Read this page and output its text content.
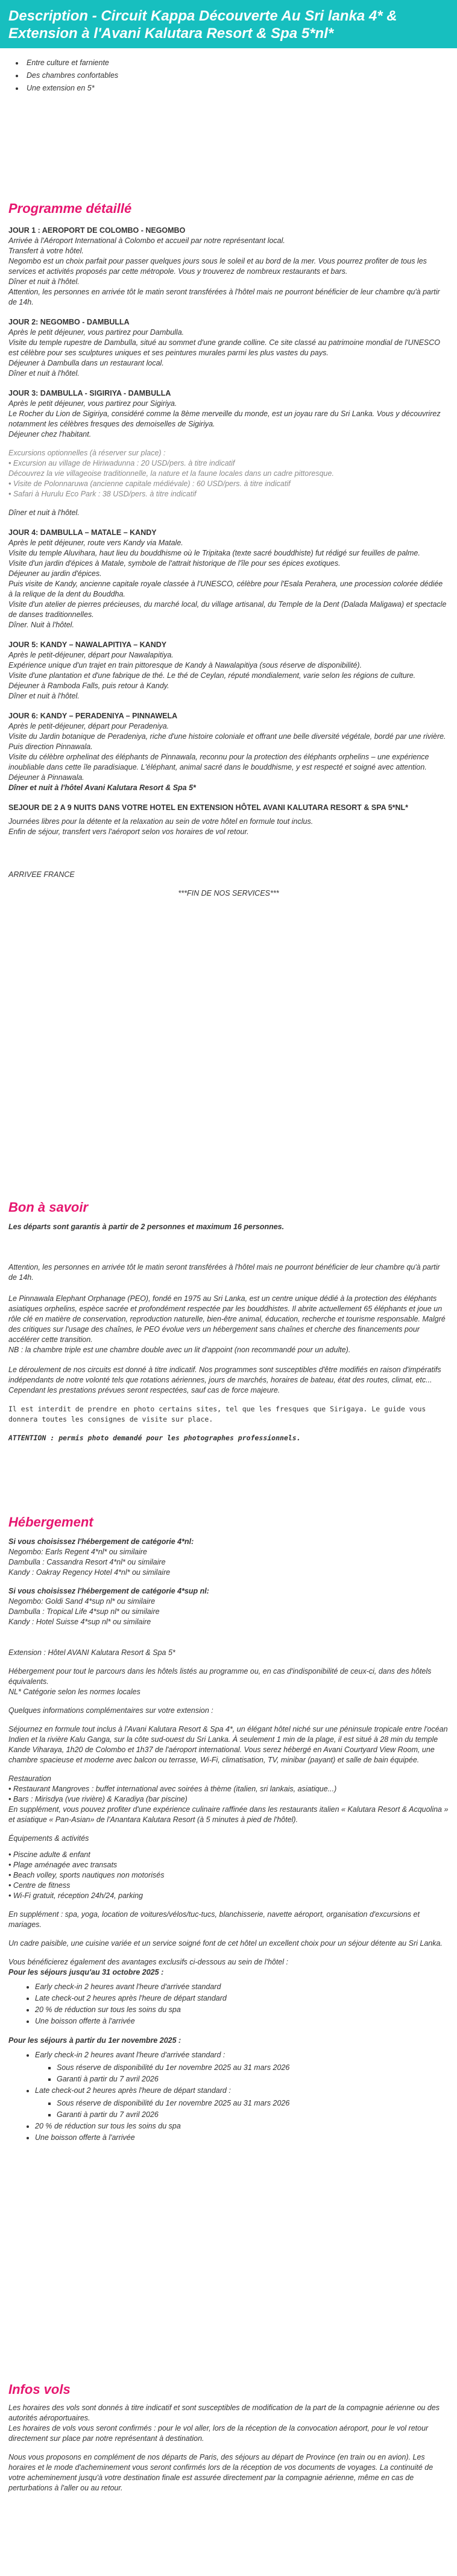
Description - Circuit Kappa Découverte Au Sri lanka 4* & Extension à l'Avani Kalutara Resort & Spa 5*nl*
• Entre culture et farniente
• Des chambres confortables
• Une extension en 5*
Programme détaillé
JOUR 1 : AEROPORT DE COLOMBO - NEGOMBO
Arrivée à l'Aéroport International à Colombo et accueil par notre représentant local.
Transfert à votre hôtel.
Negombo est un choix parfait pour passer quelques jours sous le soleil et au bord de la mer. Vous pourrez profiter de tous les services et activités proposés par cette métropole. Vous y trouverez de nombreux restaurants et bars.
Dîner et nuit à l'hôtel.
Attention, les personnes en arrivée tôt le matin seront transférées à l'hôtel mais ne pourront bénéficier de leur chambre qu'à partir de 14h.
JOUR 2: NEGOMBO - DAMBULLA
Après le petit déjeuner, vous partirez pour Dambulla.
Visite du temple rupestre de Dambulla, situé au sommet d'une grande colline. Ce site classé au patrimoine mondial de l'UNESCO est célèbre pour ses sculptures uniques et ses peintures murales parmi les plus vastes du pays.
Déjeuner à Dambulla dans un restaurant local.
Dîner et nuit à l'hôtel.
JOUR 3: DAMBULLA - SIGIRIYA - DAMBULLA
Après le petit déjeuner, vous partirez pour Sigiriya.
Le Rocher du Lion de Sigiriya, considéré comme la 8ème merveille du monde, est un joyau rare du Sri Lanka. Vous y découvrirez notamment les célèbres fresques des demoiselles de Sigiriya.
Déjeuner chez l'habitant.
Excursions optionnelles (à réserver sur place) :
• Excursion au village de Hiriwadunna : 20 USD/pers. à titre indicatif
Découvrez la vie villageoise traditionnelle, la nature et la faune locales dans un cadre pittoresque.
• Visite de Polonnaruwa (ancienne capitale médiévale) : 60 USD/pers. à titre indicatif
• Safari à Hurulu Eco Park : 38 USD/pers. à titre indicatif
Dîner et nuit à l'hôtel.
JOUR 4: DAMBULLA – MATALE – KANDY
Après le petit déjeuner, route vers Kandy via Matale.
Visite du temple Aluvihara, haut lieu du bouddhisme où le Tripitaka (texte sacré bouddhiste) fut rédigé sur feuilles de palme.
Visite d'un jardin d'épices à Matale, symbole de l'attrait historique de l'île pour ses épices exotiques.
Déjeuner au jardin d'épices.
Puis visite de Kandy, ancienne capitale royale classée à l'UNESCO, célèbre pour l'Esala Perahera, une procession colorée dédiée à la relique de la dent du Bouddha.
Visite d'un atelier de pierres précieuses, du marché local, du village artisanal, du Temple de la Dent (Dalada Maligawa) et spectacle de danses traditionnelles.
Dîner. Nuit à l'hôtel.
JOUR 5: KANDY – NAWALAPITIYA – KANDY
Après le petit-déjeuner, départ pour Nawalapitiya.
Expérience unique d'un trajet en train pittoresque de Kandy à Nawalapitiya (sous réserve de disponibilité).
Visite d'une plantation et d'une fabrique de thé. Le thé de Ceylan, réputé mondialement, varie selon les régions de culture.
Déjeuner à Ramboda Falls, puis retour à Kandy.
Dîner et nuit à l'hôtel.
JOUR 6: KANDY – PERADENIYA – PINNAWELA
Après le petit-déjeuner, départ pour Peradeniya.
Visite du Jardin botanique de Peradeniya, riche d'une histoire coloniale et offrant une belle diversité végétale, bordé par une rivière.
Puis direction Pinnawala.
Visite du célèbre orphelinat des éléphants de Pinnawala, reconnu pour la protection des éléphants orphelins – une expérience inoubliable dans cette île paradisiaque. L'éléphant, animal sacré dans le bouddhisme, y est respecté et soigné avec attention.
Déjeuner à Pinnawala.
Dîner et nuit à l'hôtel Avani Kalutara Resort & Spa 5*
SEJOUR DE 2 A 9 NUITS DANS VOTRE HOTEL EN EXTENSION HÔTEL AVANI KALUTARA RESORT & SPA 5*NL*
Journées libres pour la détente et la relaxation au sein de votre hôtel en formule tout inclus.
Enfin de séjour, transfert vers l'aéroport selon vos horaires de vol retour.
ARRIVEE FRANCE
***FIN DE NOS SERVICES***
Bon à savoir
Les départs sont garantis à partir de 2 personnes et maximum 16 personnes.
Attention, les personnes en arrivée tôt le matin seront transférées à l'hôtel mais ne pourront bénéficier de leur chambre qu'à partir de 14h.
Le Pinnawala Elephant Orphanage (PEO), fondé en 1975 au Sri Lanka, est un centre unique dédié à la protection des éléphants asiatiques orphelins, espèce sacrée et profondément respectée par les bouddhistes. Il abrite actuellement 65 éléphants et joue un rôle clé en matière de conservation, reproduction naturelle, bien-être animal, éducation, recherche et tourisme responsable. Malgré des critiques sur l'usage des chaînes, le PEO évolue vers un hébergement sans chaînes et cherche des financements pour accélérer cette transition.
NB : la chambre triple est une chambre double avec un lit d'appoint (non recommandé pour un adulte).
Le déroulement de nos circuits est donné à titre indicatif. Nos programmes sont susceptibles d'être modifiés en raison d'impératifs indépendants de notre volonté tels que rotations aériennes, jours de marchés, horaires de bateau, état des routes, climat, etc... Cependant les prestations prévues seront respectées, sauf cas de force majeure.
Il est interdit de prendre en photo certains sites, tel que les fresques que Sirigaya. Le guide vous donnera toutes les consignes de visite sur place.
ATTENTION : permis photo demandé pour les photographes professionnels.
Hébergement
Si vous choisissez l'hébergement de catégorie 4*nl:
Negombo: Earls Regent 4*nl* ou similaire
Dambulla : Cassandra Resort 4*nl* ou similaire
Kandy : Oakray Regency Hotel 4*nl* ou similaire
Si vous choisissez l'hébergement de catégorie 4*sup nl:
Negombo: Goldi Sand 4*sup nl* ou similaire
Dambulla : Tropical Life 4*sup nl* ou similaire
Kandy : Hotel Suisse 4*sup nl* ou similaire
Extension : Hôtel AVANI Kalutara Resort & Spa 5*
Hébergement pour tout le parcours dans les hôtels listés au programme ou, en cas d'indisponibilité de ceux-ci, dans des hôtels équivalents.
NL* Catégorie selon les normes locales
Quelques informations complémentaires sur votre extension :
Séjournez en formule tout inclus à l'Avani Kalutara Resort & Spa 4*, un élégant hôtel niché sur une péninsule tropicale entre l'océan Indien et la rivière Kalu Ganga, sur la côte sud-ouest du Sri Lanka. À seulement 1 min de la plage, il est situé à 28 min du temple Kande Viharaya, 1h20 de Colombo et 1h37 de l'aéroport international. Vous serez hébergé en Avani Courtyard View Room, une chambre spacieuse et moderne avec balcon ou terrasse, Wi-Fi, climatisation, TV, minibar (payant) et salle de bain équipée.
Restauration
• Restaurant Mangroves : buffet international avec soirées à thème (italien, sri lankais, asiatique...)
• Bars : Mirisdya (vue rivière) & Karadiya (bar piscine)
En supplément, vous pouvez profiter d'une expérience culinaire raffinée dans les restaurants italien « Kalutara Resort & Acquolina » et asiatique « Pan-Asian» de l'Anantara Kalutara Resort (à 5 minutes à pied de l'hôtel).
Équipements & activités
• Piscine adulte & enfant
• Plage aménagée avec transats
• Beach volley, sports nautiques non motorisés
• Centre de fitness
• Wi-Fi gratuit, réception 24h/24, parking
En supplément : spa, yoga, location de voitures/vélos/tuc-tucs, blanchisserie, navette aéroport, organisation d'excursions et mariages.
Un cadre paisible, une cuisine variée et un service soigné font de cet hôtel un excellent choix pour un séjour détente au Sri Lanka.
Vous bénéficierez également des avantages exclusifs ci-dessous au sein de l'hôtel :
Pour les séjours jusqu'au 31 octobre 2025 :
• Early check-in 2 heures avant l'heure d'arrivée standard
• Late check-out 2 heures après l'heure de départ standard
• 20 % de réduction sur tous les soins du spa
• Une boisson offerte à l'arrivée
Pour les séjours à partir du 1er novembre 2025 :
• Early check-in 2 heures avant l'heure d'arrivée standard :
▪ Sous réserve de disponibilité du 1er novembre 2025 au 31 mars 2026
▪ Garanti à partir du 7 avril 2026
• Late check-out 2 heures après l'heure de départ standard :
▪ Sous réserve de disponibilité du 1er novembre 2025 au 31 mars 2026
▪ Garanti à partir du 7 avril 2026
• 20 % de réduction sur tous les soins du spa
• Une boisson offerte à l'arrivée
Infos vols
Les horaires des vols sont donnés à titre indicatif et sont susceptibles de modification de la part de la compagnie aérienne ou des autorités aéroportuaires.
Les horaires de vols vous seront confirmés : pour le vol aller, lors de la réception de la convocation aéroport, pour le vol retour directement sur place par notre représentant à destination.
Nous vous proposons en complément de nos départs de Paris, des séjours au départ de Province (en train ou en avion). Les horaires et le mode d'acheminement vous seront confirmés lors de la réception de vos documents de voyages. La continuité de votre acheminement jusqu'à votre destination finale est assurée directement par la compagnie aérienne, même en cas de perturbations à l'aller ou au retour.
